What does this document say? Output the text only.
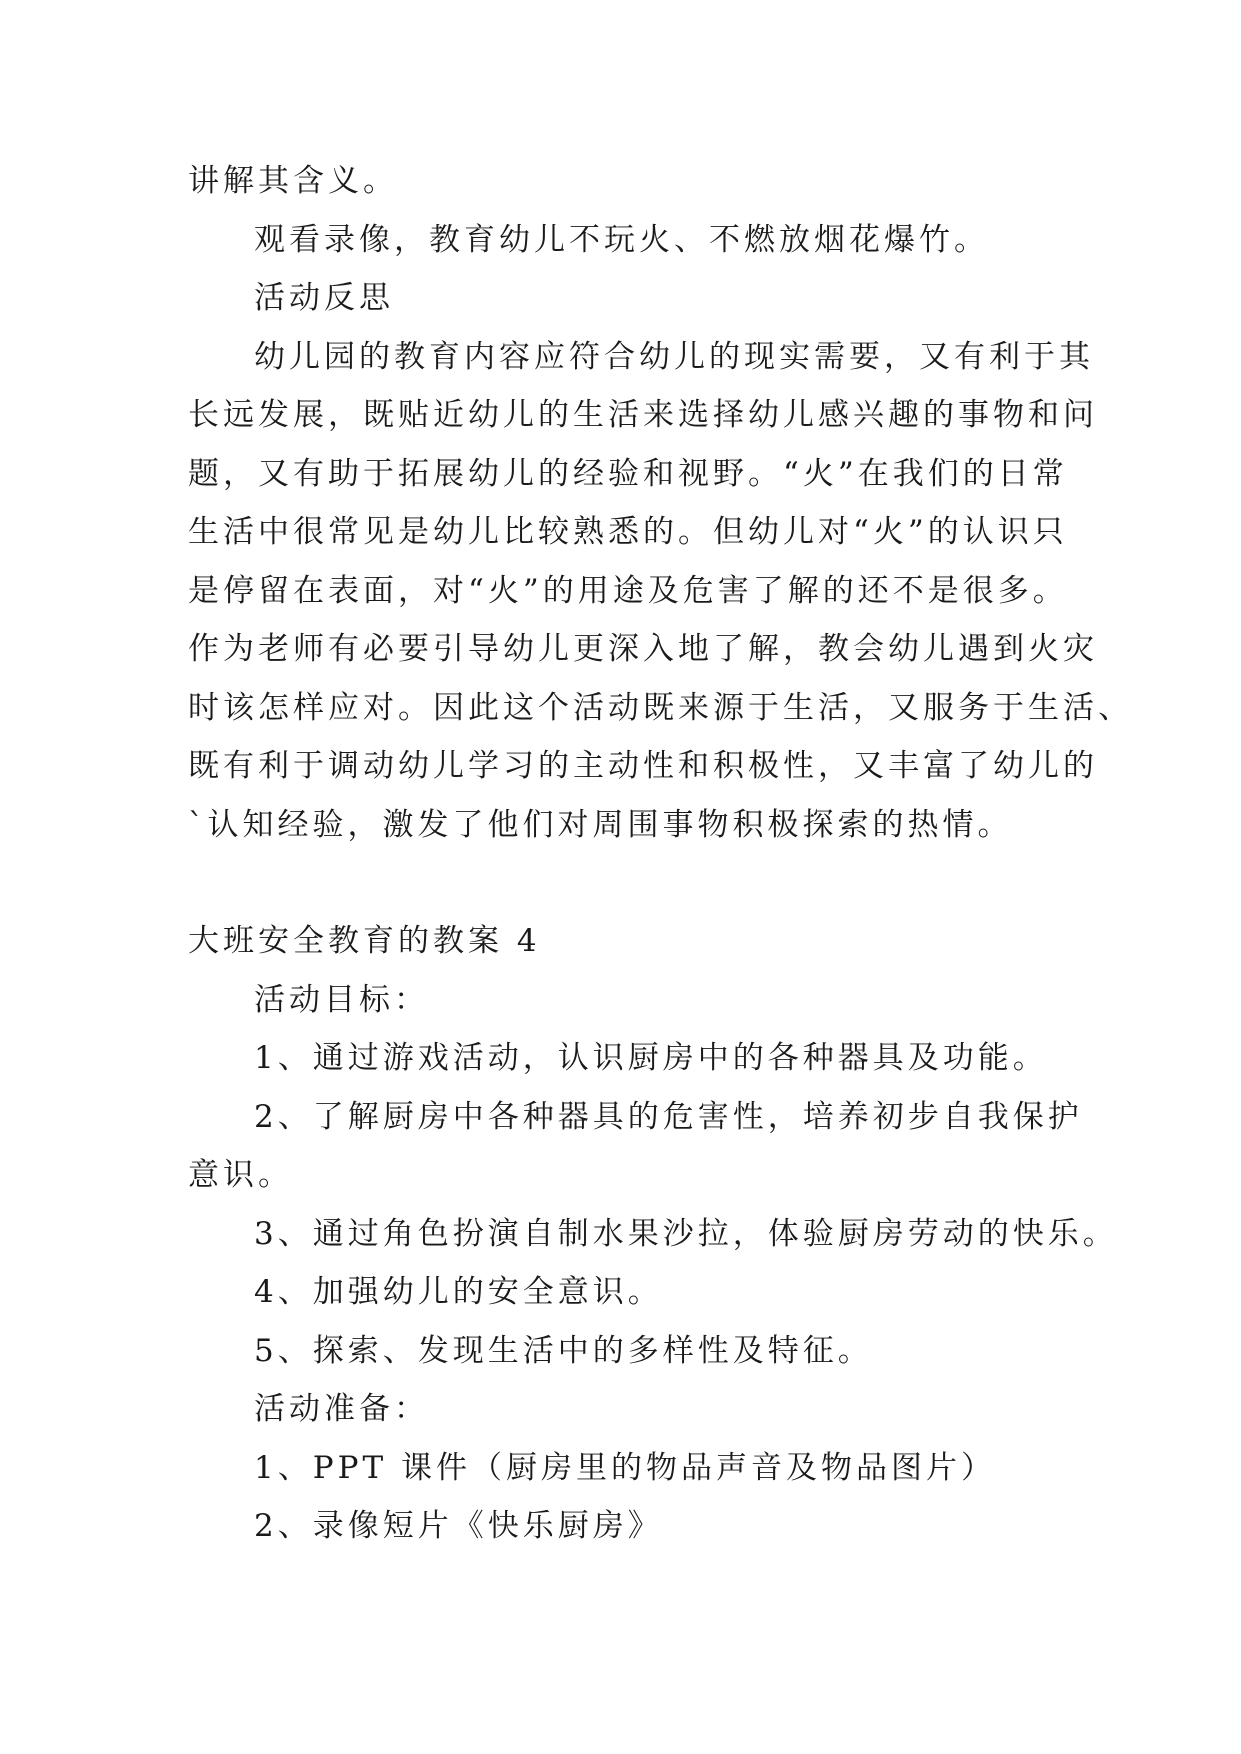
讲解其含义。
观看录像，教育幼儿不玩火、不燃放烟花爆竹。
活动反思
幼儿园的教育内容应符合幼儿的现实需要，又有利于其
长远发展，既贴近幼儿的生活来选择幼儿感兴趣的事物和问
题，又有助于拓展幼儿的经验和视野。“火”在我们的日常
生活中很常见是幼儿比较熟悉的。但幼儿对“火”的认识只
是停留在表面，对“火”的用途及危害了解的还不是很多。
作为老师有必要引导幼儿更深入地了解，教会幼儿遇到火灾
时该怎样应对。因此这个活动既来源于生活，又服务于生活、
既有利于调动幼儿学习的主动性和积极性，又丰富了幼儿的
`认知经验，激发了他们对周围事物积极探索的热情。
大班安全教育的教案 4
活动目标：
1、通过游戏活动，认识厨房中的各种器具及功能。
2、了解厨房中各种器具的危害性，培养初步自我保护
意识。
3、通过角色扮演自制水果沙拉，体验厨房劳动的快乐。
4、加强幼儿的安全意识。
5、探索、发现生活中的多样性及特征。
活动准备：
1、PPT 课件（厨房里的物品声音及物品图片）
2、录像短片《快乐厨房》
